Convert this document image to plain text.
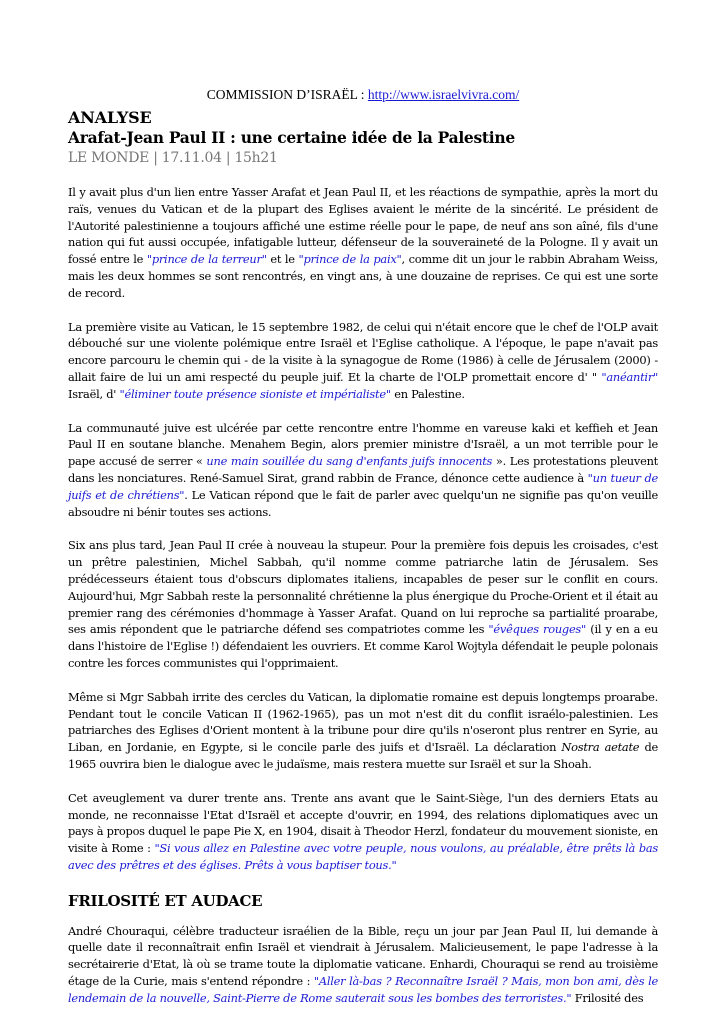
COMMISSION D’ISRAËL : http://www.israelvivra.com/
ANALYSE
Arafat-Jean Paul II : une certaine idée de la Palestine
LE MONDE | 17.11.04 | 15h21

Il y avait plus d'un lien entre Yasser Arafat et Jean Paul II, et les réactions de sympathie, après la mort du raïs, venues du Vatican et de la plupart des Eglises avaient le mérite de la sincérité. Le président de l'Autorité palestinienne a toujours affiché une estime réelle pour le pape, de neuf ans son aîné, fils d'une nation qui fut aussi occupée, infatigable lutteur, défenseur de la souveraineté de la Pologne. Il y avait un fossé entre le "prince de la terreur" et le "prince de la paix", comme dit un jour le rabbin Abraham Weiss, mais les deux hommes se sont rencontrés, en vingt ans, à une douzaine de reprises. Ce qui est une sorte de record.

La première visite au Vatican, le 15 septembre 1982, de celui qui n'était encore que le chef de l'OLP avait débouché sur une violente polémique entre Israël et l'Eglise catholique. A l'époque, le pape n'avait pas encore parcouru le chemin qui - de la visite à la synagogue de Rome (1986) à celle de Jérusalem (2000) - allait faire de lui un ami respecté du peuple juif. Et la charte de l'OLP promettait encore d' " "anéantir" Israël, d' "éliminer toute présence sioniste et impérialiste" en Palestine.

La communauté juive est ulcérée par cette rencontre entre l'homme en vareuse kaki et keffieh et Jean Paul II en soutane blanche. Menahem Begin, alors premier ministre d'Israël, a un mot terrible pour le pape accusé de serrer « une main souillée du sang d'enfants juifs innocents ». Les protestations pleuvent dans les nonciatures. René-Samuel Sirat, grand rabbin de France, dénonce cette audience à "un tueur de juifs et de chrétiens". Le Vatican répond que le fait de parler avec quelqu'un ne signifie pas qu'on veuille absoudre ni bénir toutes ses actions.

Six ans plus tard, Jean Paul II crée à nouveau la stupeur. Pour la première fois depuis les croisades, c'est un prêtre palestinien, Michel Sabbah, qu'il nomme comme patriarche latin de Jérusalem. Ses prédécesseurs étaient tous d'obscurs diplomates italiens, incapables de peser sur le conflit en cours. Aujourd'hui, Mgr Sabbah reste la personnalité chrétienne la plus énergique du Proche-Orient et il était au premier rang des cérémonies d'hommage à Yasser Arafat. Quand on lui reproche sa partialité proarabe, ses amis répondent que le patriarche défend ses compatriotes comme les "évêques rouges" (il y en a eu dans l'histoire de l'Eglise !) défendaient les ouvriers. Et comme Karol Wojtyla défendait le peuple polonais contre les forces communistes qui l'opprimaient.

Même si Mgr Sabbah irrite des cercles du Vatican, la diplomatie romaine est depuis longtemps proarabe. Pendant tout le concile Vatican II (1962-1965), pas un mot n'est dit du conflit israélo-palestinien. Les patriarches des Eglises d'Orient montent à la tribune pour dire qu'ils n'oseront plus rentrer en Syrie, au Liban, en Jordanie, en Egypte, si le concile parle des juifs et d'Israël. La déclaration Nostra aetate de 1965 ouvrira bien le dialogue avec le judaïsme, mais restera muette sur Israël et sur la Shoah.

Cet aveuglement va durer trente ans. Trente ans avant que le Saint-Siège, l'un des derniers Etats au monde, ne reconnaisse l'Etat d'Israël et accepte d'ouvrir, en 1994, des relations diplomatiques avec un pays à propos duquel le pape Pie X, en 1904, disait à Theodor Herzl, fondateur du mouvement sioniste, en visite à Rome : "Si vous allez en Palestine avec votre peuple, nous voulons, au préalable, être prêts là bas avec des prêtres et des églises. Prêts à vous baptiser tous."

FRILOSITÉ ET AUDACE

André Chouraqui, célèbre traducteur israélien de la Bible, reçu un jour par Jean Paul II, lui demande à quelle date il reconnaîtrait enfin Israël et viendrait à Jérusalem. Malicieusement, le pape l'adresse à la secrétairerie d'Etat, là où se trame toute la diplomatie vaticane. Enhardi, Chouraqui se rend au troisième étage de la Curie, mais s'entend répondre : "Aller là-bas ? Reconnaître Israël ? Mais, mon bon ami, dès le lendemain de la nouvelle, Saint-Pierre de Rome sauterait sous les bombes des terroristes." Frilosité des
